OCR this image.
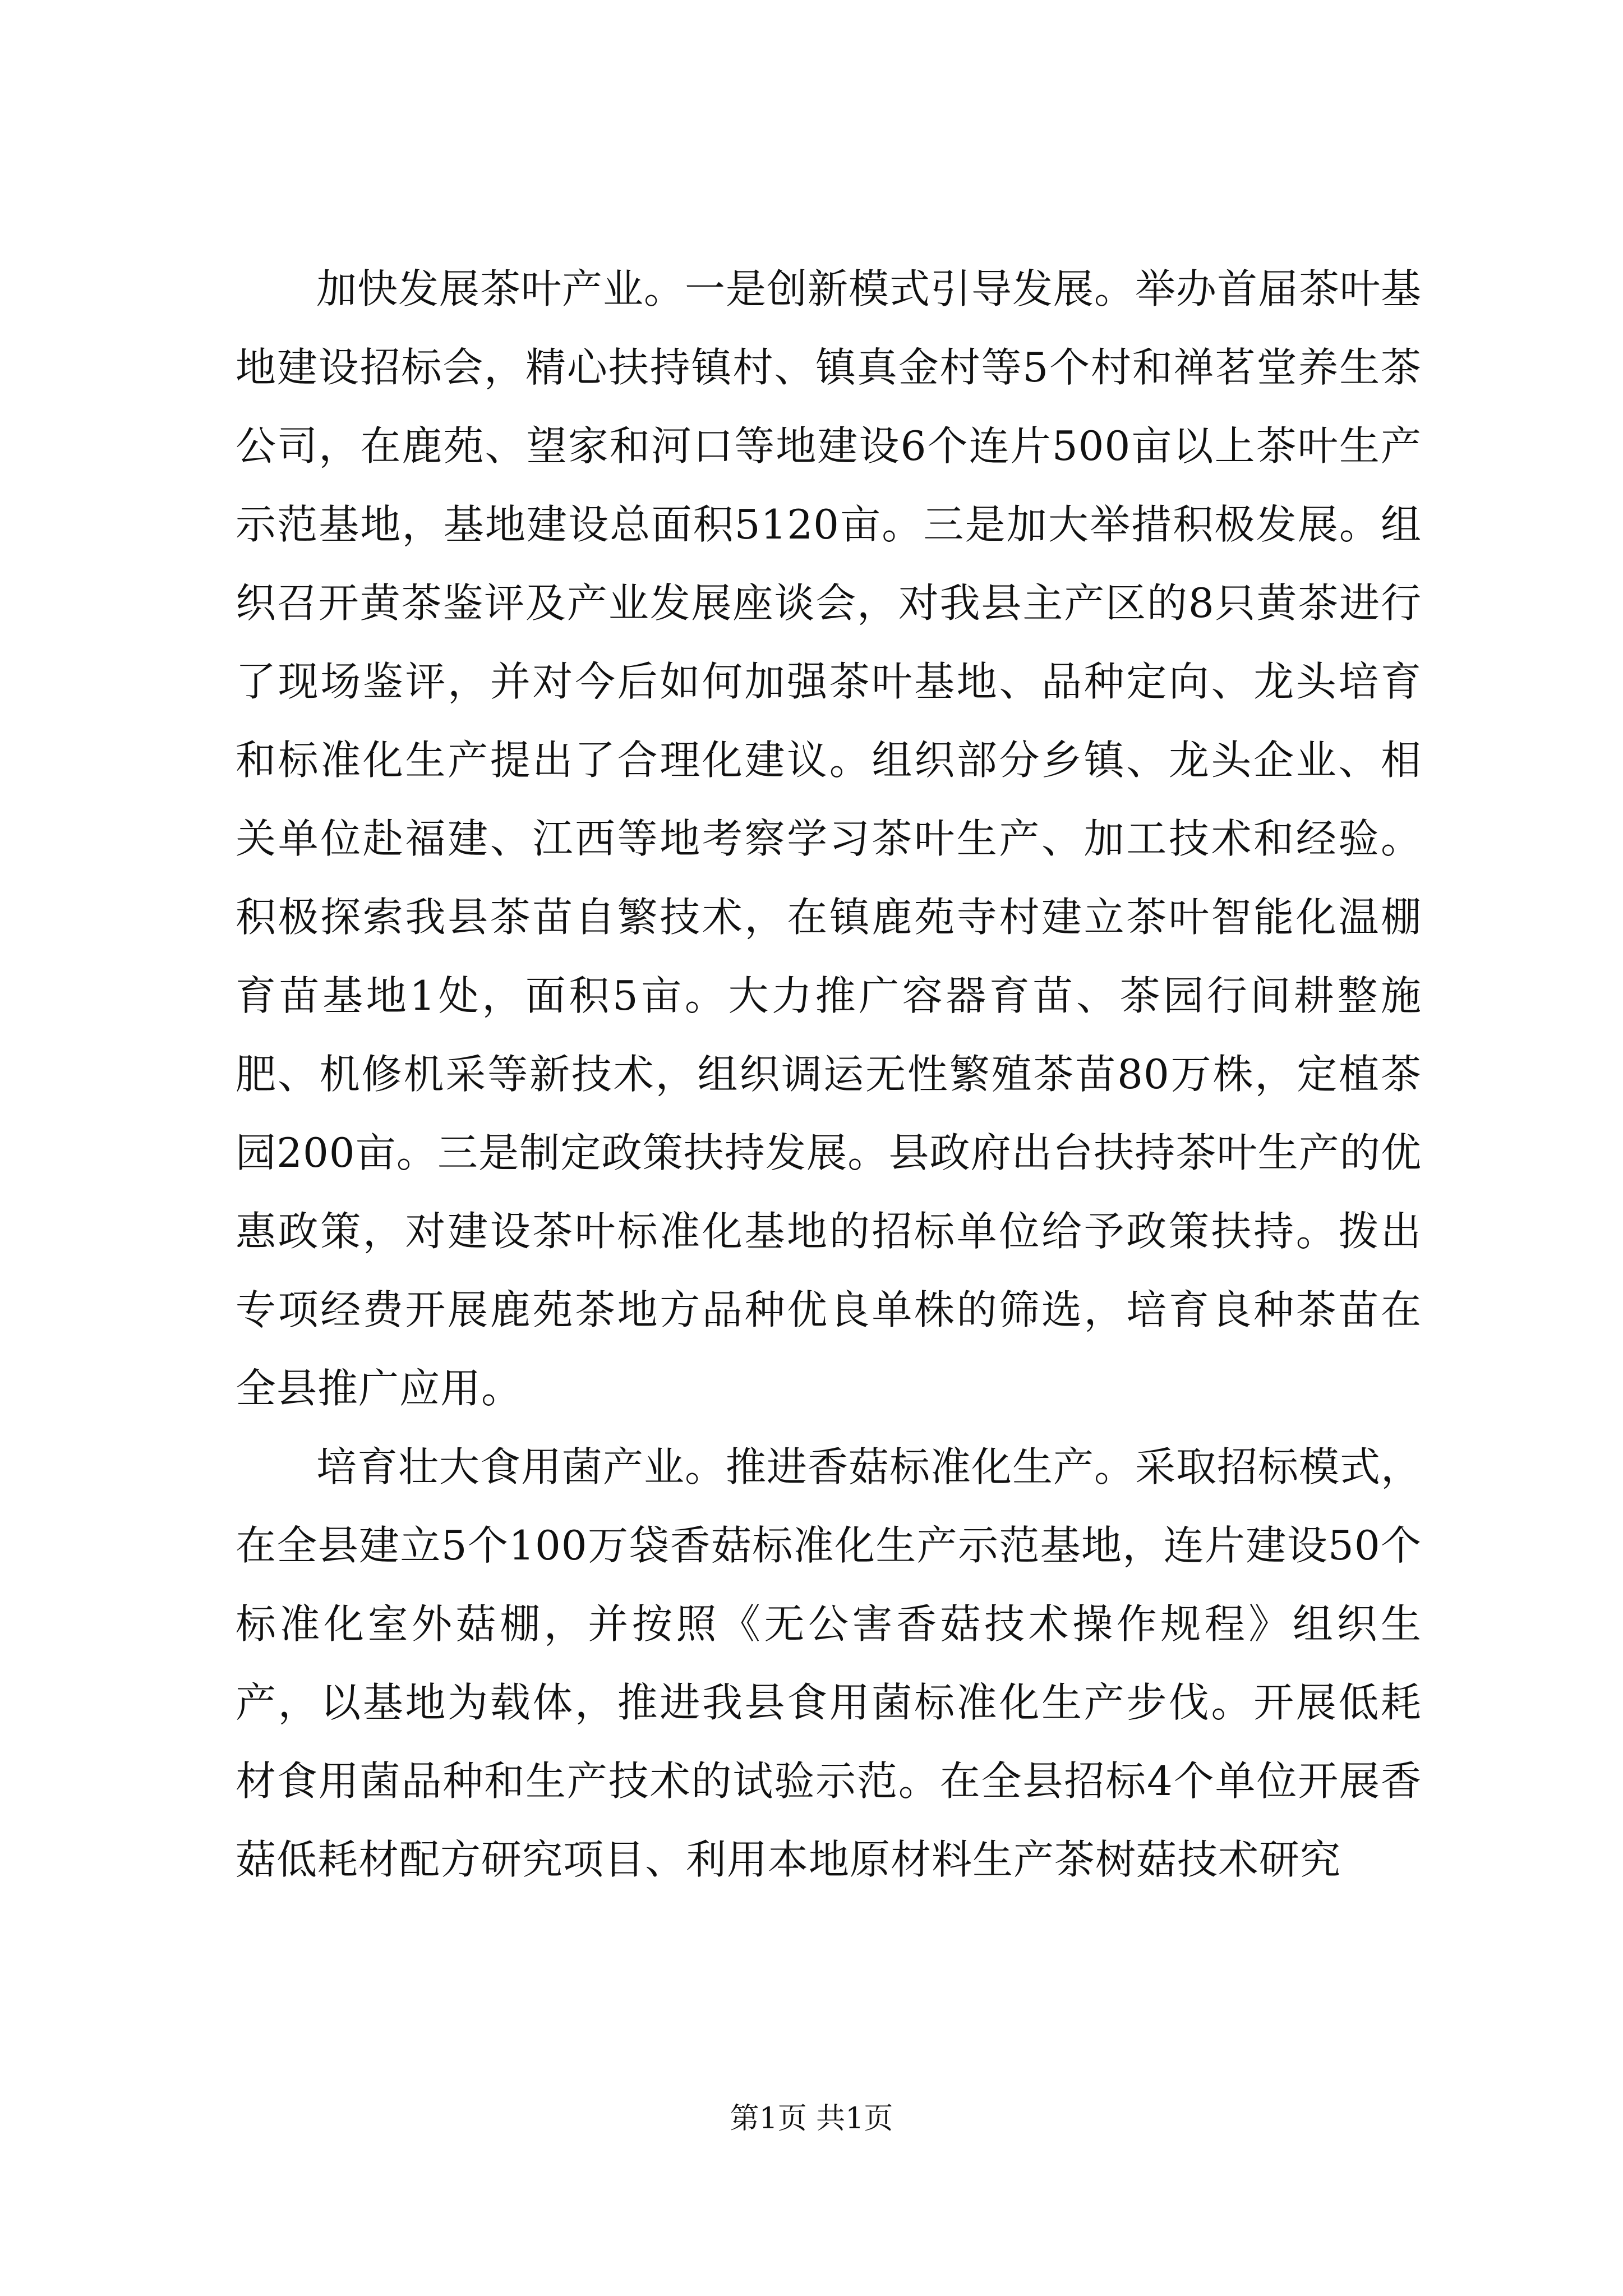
加快发展茶叶产业。一是创新模式引导发展。举办首届茶叶基地建设招标会，精心扶持镇村、镇真金村等5个村和禅茗堂养生茶公司，在鹿苑、望家和河口等地建设6个连片500亩以上茶叶生产示范基地，基地建设总面积5120亩。三是加大举措积极发展。组织召开黄茶鉴评及产业发展座谈会，对我县主产区的8只黄茶进行了现场鉴评，并对今后如何加强茶叶基地、品种定向、龙头培育和标准化生产提出了合理化建议。组织部分乡镇、龙头企业、相关单位赴福建、江西等地考察学习茶叶生产、加工技术和经验。积极探索我县茶苗自繁技术，在镇鹿苑寺村建立茶叶智能化温棚育苗基地1处，面积5亩。大力推广容器育苗、茶园行间耕整施肥、机修机采等新技术，组织调运无性繁殖茶苗80万株，定植茶园200亩。三是制定政策扶持发展。县政府出台扶持茶叶生产的优惠政策，对建设茶叶标准化基地的招标单位给予政策扶持。拨出专项经费开展鹿苑茶地方品种优良单株的筛选，培育良种茶苗在全县推广应用。

培育壮大食用菌产业。推进香菇标准化生产。采取招标模式，在全县建立5个100万袋香菇标准化生产示范基地，连片建设50个标准化室外菇棚，并按照《无公害香菇技术操作规程》组织生产，以基地为载体，推进我县食用菌标准化生产步伐。开展低耗材食用菌品种和生产技术的试验示范。在全县招标4个单位开展香菇低耗材配方研究项目、利用本地原材料生产茶树菇技术研究

第1页 共1页
